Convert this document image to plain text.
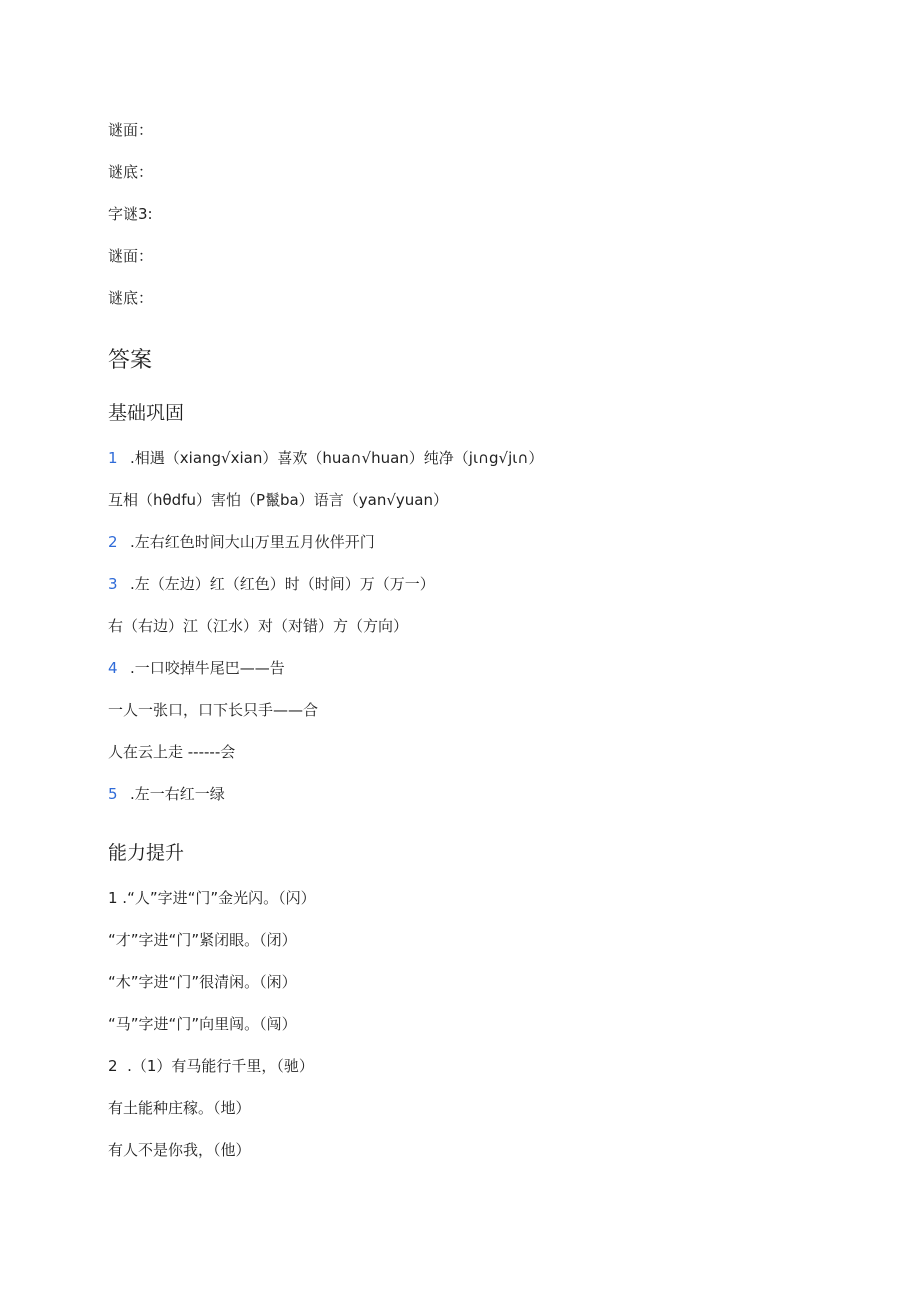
谜面：
谜底：
字谜3:
谜面：
谜底：
答案
基础巩固
1 .相遇（xiang√xian）喜欢（hua∩√huan）纯净（jι∩g√jι∩）
互相（hθdfu）害怕（P鬣ba）语言（yan√yuan）
2 .左右红色时间大山万里五月伙伴开门
3 .左（左边）红（红色）时（时间）万（万一）
右（右边）江（江水）对（对错）方（方向）
4 .一口咬掉牛尾巴——告
一人一张口，口下长只手——合
人在云上走 ------会
5 .左一右红一绿
能力提升
1 .“人”字进“门”金光闪。（闪）
“才”字进“门”紧闭眼。（闭）
“木”字进“门”很清闲。（闲）
“马”字进“门”向里闯。（闯）
2  .（1）有马能行千里，（驰）
有土能种庄稼。（地）
有人不是你我，（他）
